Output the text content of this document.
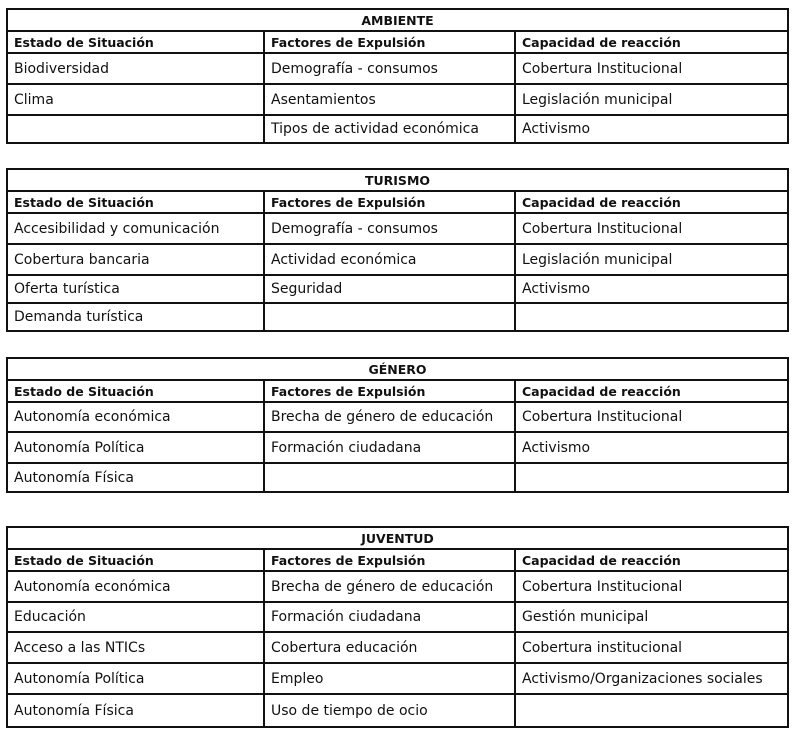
AMBIENTE		
Estado de Situación	Factores de Expulsión	Capacidad de reacción
Biodiversidad	Demografía - consumos	Cobertura Institucional
Clima	Asentamientos	Legislación municipal
	Tipos de actividad económica	Activismo
TURISMO		
Estado de Situación	Factores de Expulsión	Capacidad de reacción
Accesibilidad y comunicación	Demografía - consumos	Cobertura Institucional
Cobertura bancaria	Actividad económica	Legislación municipal
Oferta turística	Seguridad	Activismo
Demanda turística		
GÉNERO		
Estado de Situación	Factores de Expulsión	Capacidad de reacción
Autonomía económica	Brecha de género de educación	Cobertura Institucional
Autonomía Política	Formación ciudadana	Activismo
Autonomía Física		
JUVENTUD		
Estado de Situación	Factores de Expulsión	Capacidad de reacción
Autonomía económica	Brecha de género de educación	Cobertura Institucional
Educación	Formación ciudadana	Gestión municipal
Acceso a las NTICs	Cobertura educación	Cobertura institucional
Autonomía Política	Empleo	Activismo/Organizaciones sociales
Autonomía Física	Uso de tiempo de ocio	
